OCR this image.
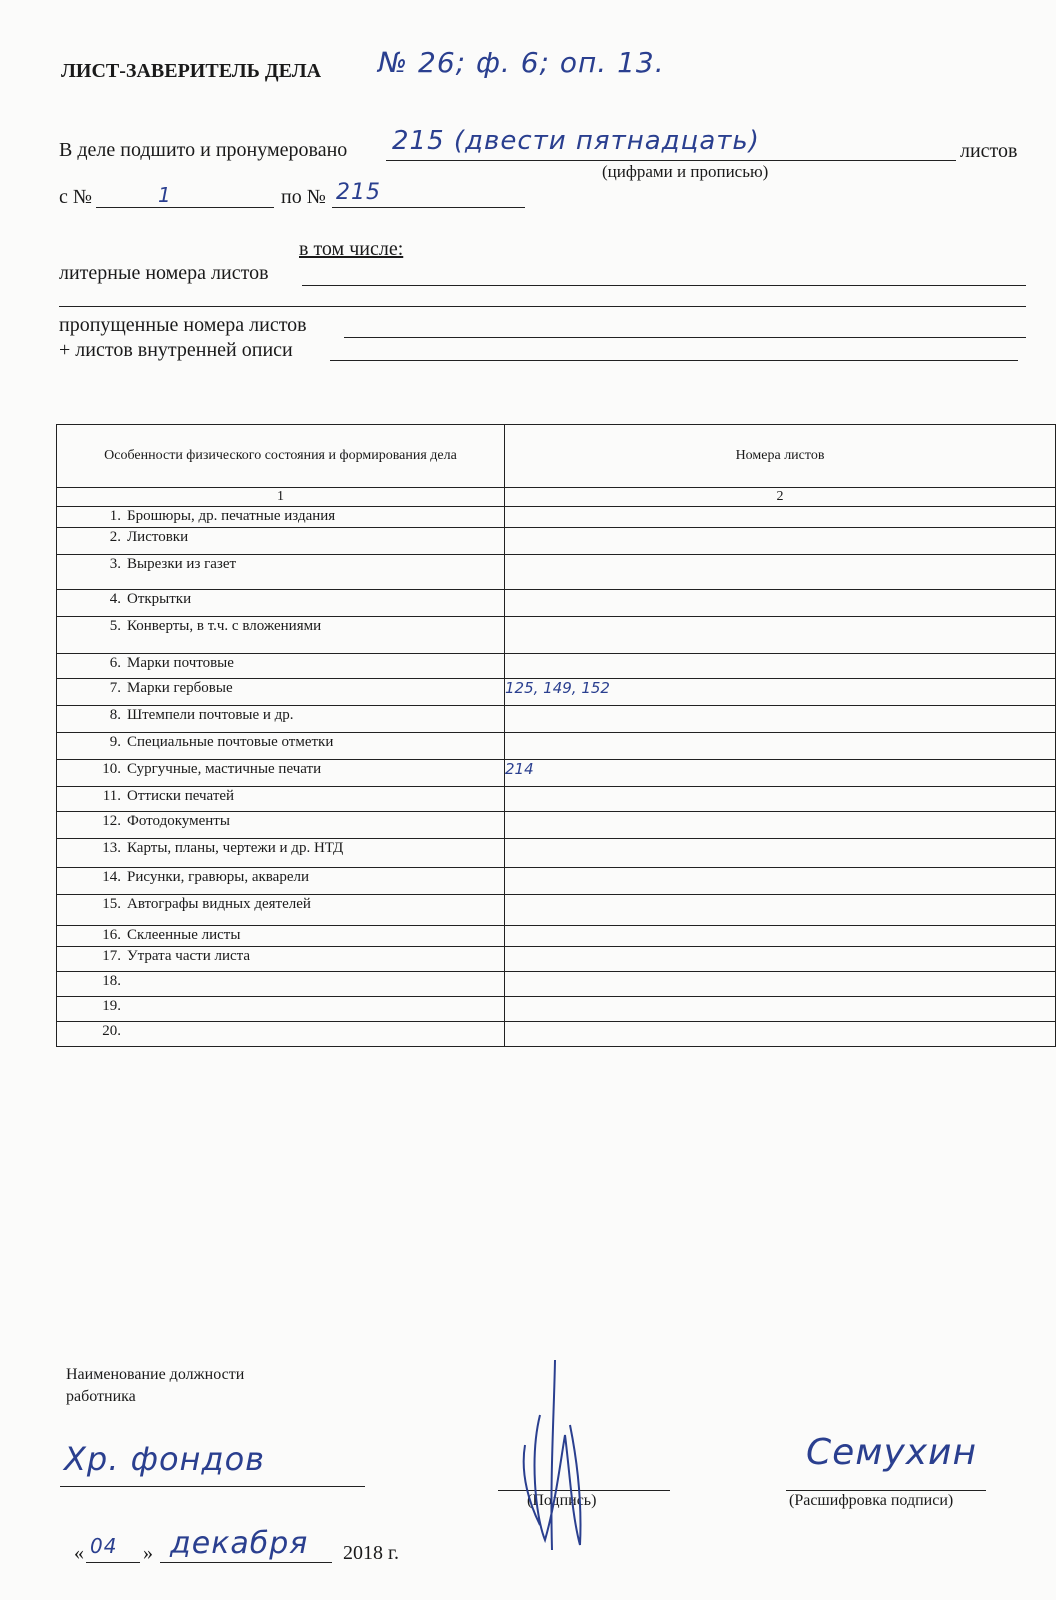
ЛИСТ-ЗАВЕРИТЕЛЬ ДЕЛА № 26; ф. 6; оп. 13.
В деле подшито и пронумеровано 215 (двести пятнадцать)	листов
(цифрами и прописью)
с №	1	по № 215
в том числе:
литерные номера листов
пропущенные номера листов
+ листов внутренней описи
Особенности физического состояния и формирования дела	Номера листов
1	2

1. Брошюры, др. печатные издания	

2. Листовки	

3. Вырезки из газет	

4. Открытки	

5. Конверты, в т.ч. с вложениями	

6. Марки почтовые	

7. Марки гербовые	125, 149, 152

8. Штемпели почтовые и др.	

9. Специальные почтовые отметки	

10. Сургучные, мастичные печати	214

11. Оттиски печатей	

12. Фотодокументы	

13. Карты, планы, чертежи и др. НТД	

14. Рисунки, гравюры, акварели	

15. Автографы видных деятелей	

16. Склеенные листы	

17. Утрата части листа	

18.	

19.	

20.	

Наименование должности
работника
Хр. фондов
(Подпись)	(Расшифровка подписи)
Семухин
« 04 » декабря 2018 г.
